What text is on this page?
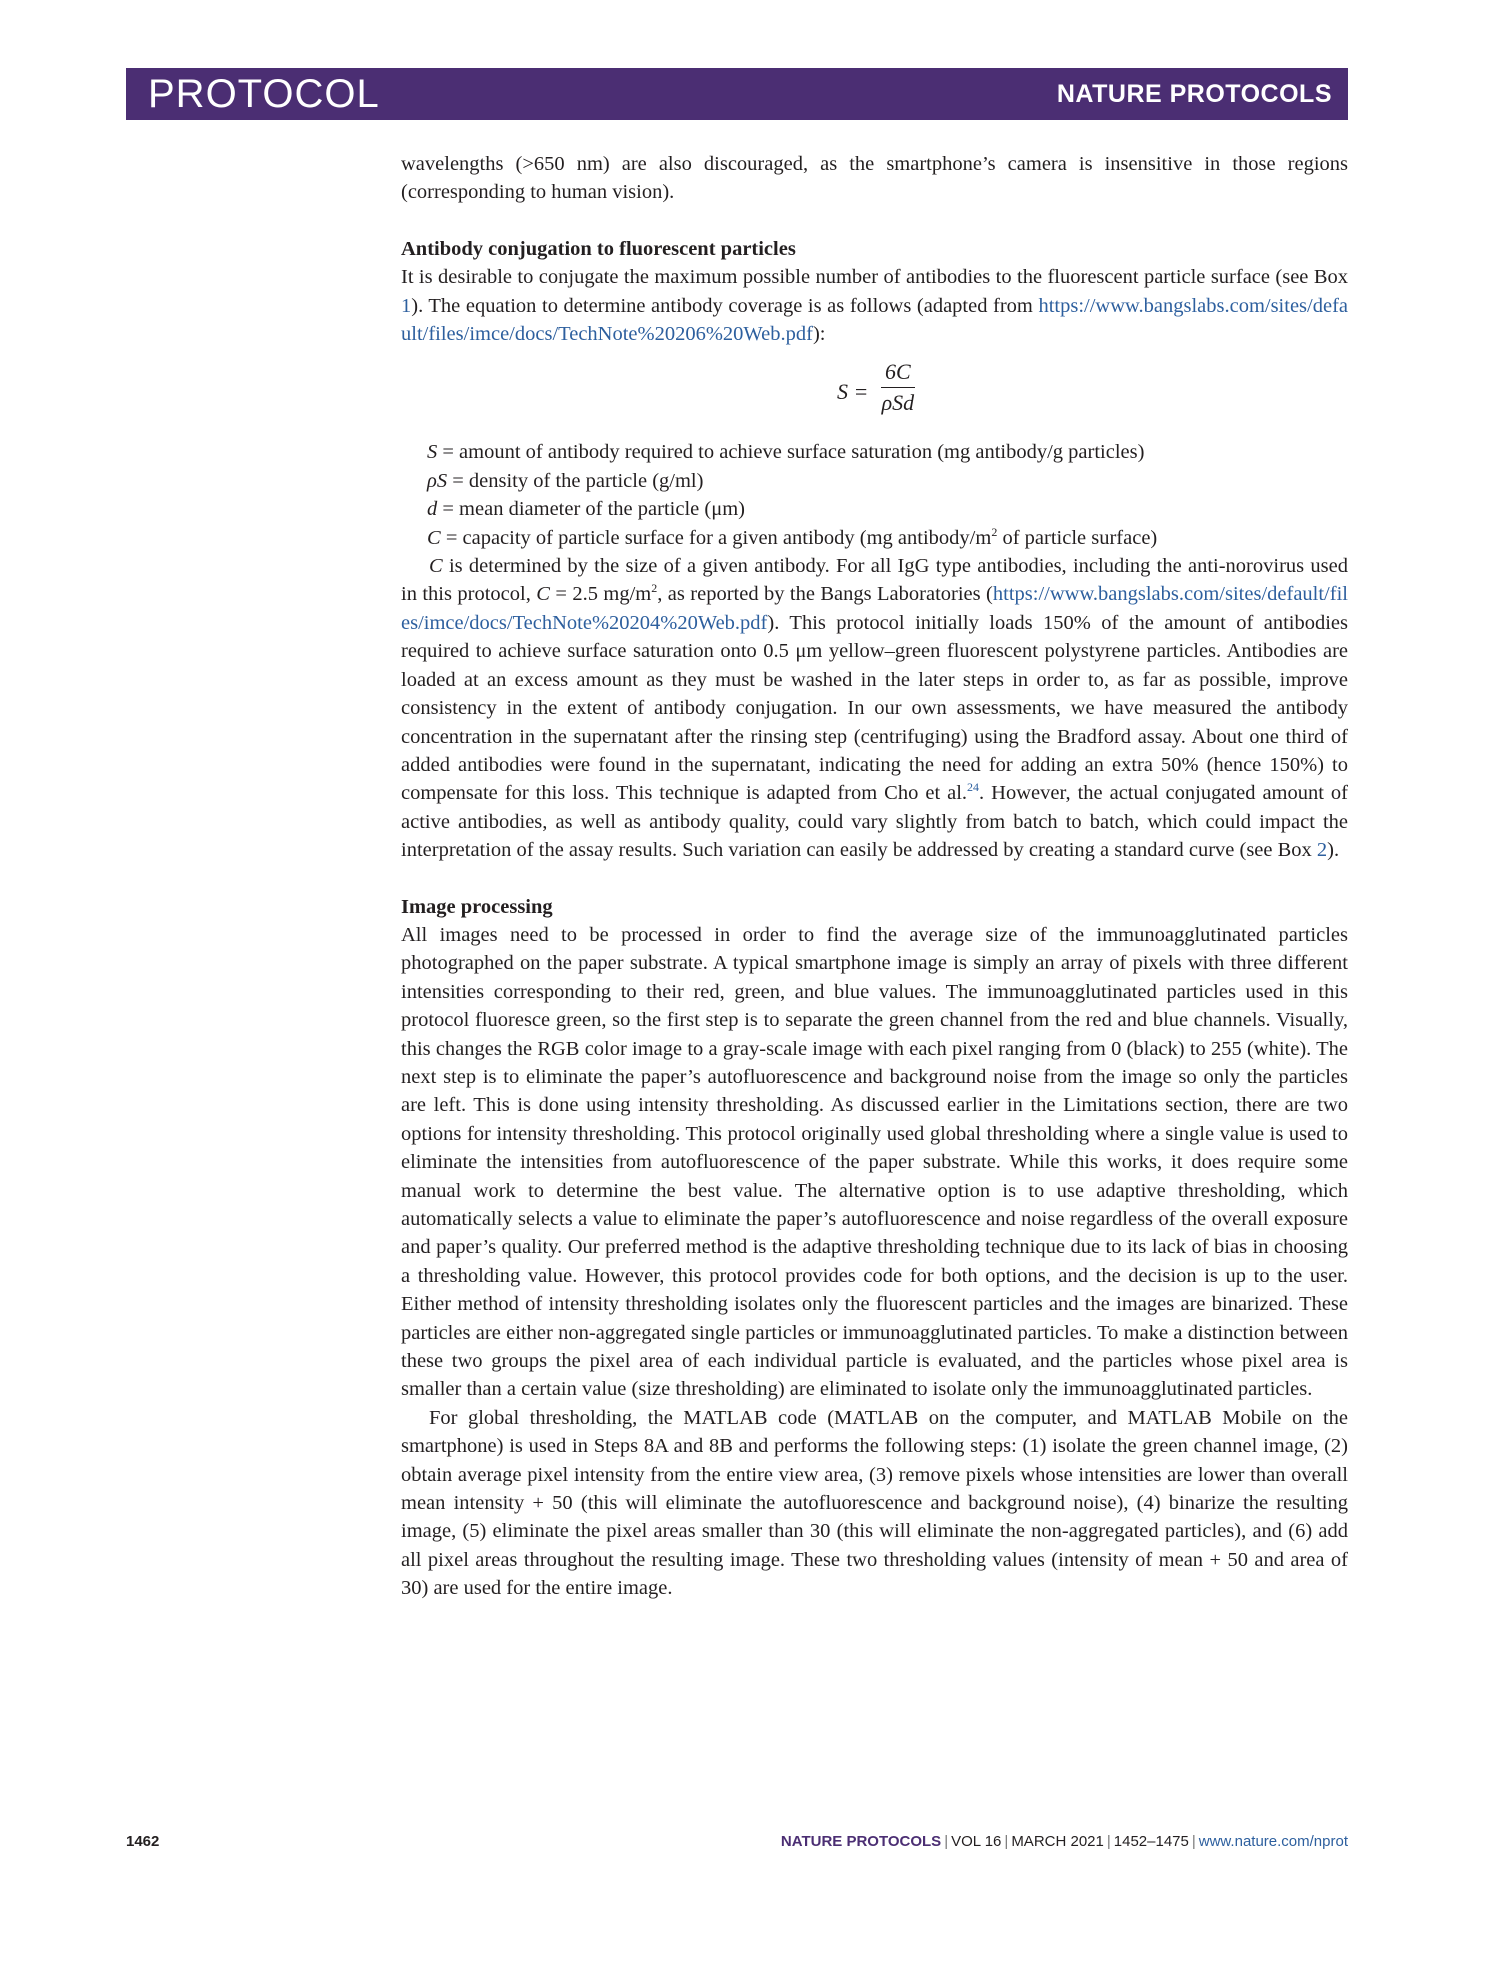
PROTOCOL	NATURE PROTOCOLS

wavelengths (>650 nm) are also discouraged, as the smartphone’s camera is insensitive in those regions (corresponding to human vision).

Antibody conjugation to fluorescent particles

It is desirable to conjugate the maximum possible number of antibodies to the fluorescent particle surface (see Box 1). The equation to determine antibody coverage is as follows (adapted from https://www.bangslabs.com/sites/default/files/imce/docs/TechNote%20206%20Web.pdf):

S =
6C
ρSd

S = amount of antibody required to achieve surface saturation (mg antibody/g particles)

ρS = density of the particle (g/ml)

d = mean diameter of the particle (μm)

C = capacity of particle surface for a given antibody (mg antibody/$m^2$ of particle surface)

C is determined by the size of a given antibody. For all IgG type antibodies, including the anti-norovirus used in this protocol, C = 2.5 $mg/m^2$, as reported by the Bangs Laboratories (https://www.bangslabs.com/sites/default/files/imce/docs/TechNote%20204%20Web.pdf). This protocol initially loads 150% of the amount of antibodies required to achieve surface saturation onto 0.5 μm yellow–green fluorescent polystyrene particles. Antibodies are loaded at an excess amount as they must be washed in the later steps in order to, as far as possible, improve consistency in the extent of antibody conjugation. In our own assessments, we have measured the antibody concentration in the supernatant after the rinsing step (centrifuging) using the Bradford assay. About one third of added antibodies were found in the supernatant, indicating the need for adding an extra 50% (hence 150%) to compensate for this loss. This technique is adapted from Cho et al.$^{24}$. However, the actual conjugated amount of active antibodies, as well as antibody quality, could vary slightly from batch to batch, which could impact the interpretation of the assay results. Such variation can easily be addressed by creating a standard curve (see Box 2).

Image processing

All images need to be processed in order to find the average size of the immunoagglutinated particles photographed on the paper substrate. A typical smartphone image is simply an array of pixels with three different intensities corresponding to their red, green, and blue values. The immunoagglutinated particles used in this protocol fluoresce green, so the first step is to separate the green channel from the red and blue channels. Visually, this changes the RGB color image to a gray-scale image with each pixel ranging from 0 (black) to 255 (white). The next step is to eliminate the paper’s autofluorescence and background noise from the image so only the particles are left. This is done using intensity thresholding. As discussed earlier in the Limitations section, there are two options for intensity thresholding. This protocol originally used global thresholding where a single value is used to eliminate the intensities from autofluorescence of the paper substrate. While this works, it does require some manual work to determine the best value. The alternative option is to use adaptive thresholding, which automatically selects a value to eliminate the paper’s autofluorescence and noise regardless of the overall exposure and paper’s quality. Our preferred method is the adaptive thresholding technique due to its lack of bias in choosing a thresholding value. However, this protocol provides code for both options, and the decision is up to the user. Either method of intensity thresholding isolates only the fluorescent particles and the images are binarized. These particles are either non-aggregated single particles or immunoagglutinated particles. To make a distinction between these two groups the pixel area of each individual particle is evaluated, and the particles whose pixel area is smaller than a certain value (size thresholding) are eliminated to isolate only the immunoagglutinated particles.

For global thresholding, the MATLAB code (MATLAB on the computer, and MATLAB Mobile on the smartphone) is used in Steps 8A and 8B and performs the following steps: (1) isolate the green channel image, (2) obtain average pixel intensity from the entire view area, (3) remove pixels whose intensities are lower than overall mean intensity + 50 (this will eliminate the autofluorescence and background noise), (4) binarize the resulting image, (5) eliminate the pixel areas smaller than 30 (this will eliminate the non-aggregated particles), and (6) add all pixel areas throughout the resulting image. These two thresholding values (intensity of mean + 50 and area of 30) are used for the entire image.

1462	NATURE PROTOCOLS | VOL 16 | MARCH 2021 | 1452–1475 | www.nature.com/nprot
